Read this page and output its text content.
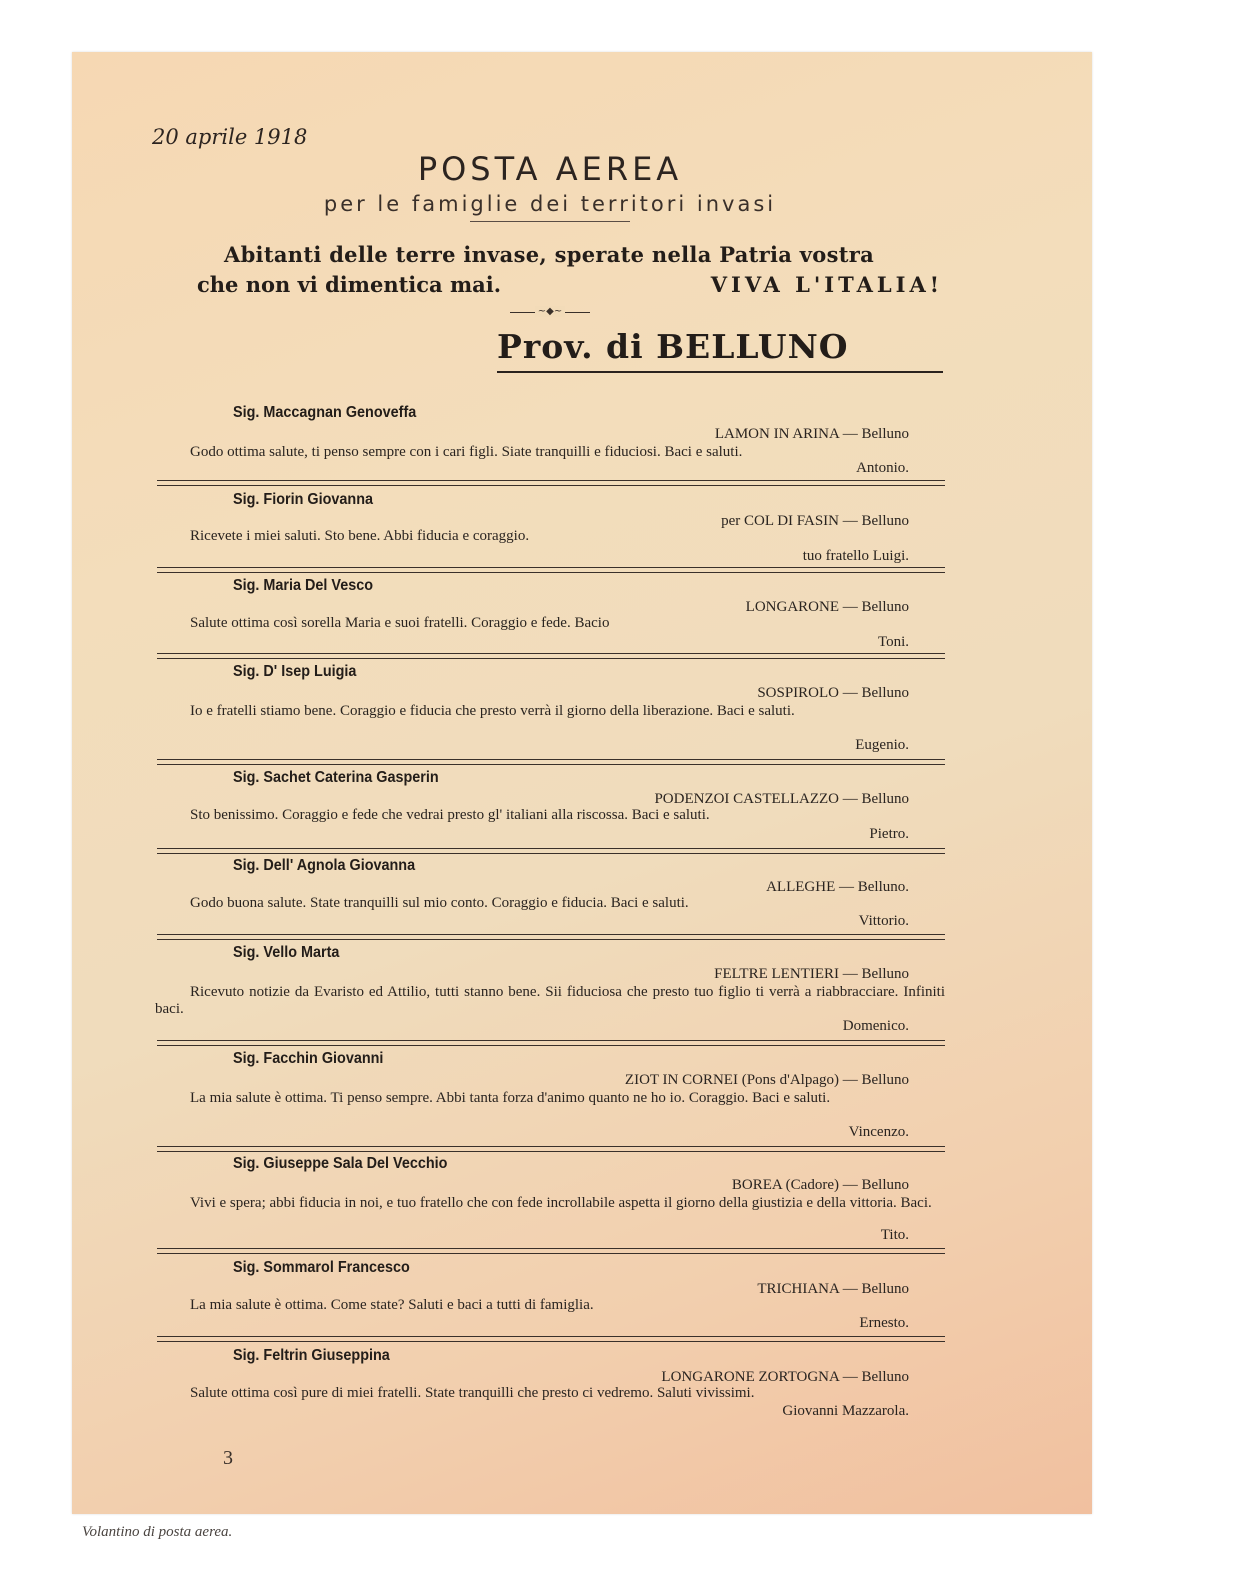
20 aprile 1918
POSTA AEREA
per le famiglie dei territori invasi
Abitanti delle terre invase, sperate nella Patria vostra
che non vi dimentica mai.	VIVA L'ITALIA!
~◆~
Prov. di BELLUNO
Sig. Maccagnan Genoveffa
LAMON IN ARINA — Belluno
Godo ottima salute, ti penso sempre con i cari figli. Siate tranquilli e fiduciosi. Baci e saluti.
Antonio.
Sig. Fiorin Giovanna
per COL DI FASIN — Belluno
Ricevete i miei saluti. Sto bene. Abbi fiducia e coraggio.
tuo fratello Luigi.
Sig. Maria Del Vesco
LONGARONE — Belluno
Salute ottima così sorella Maria e suoi fratelli. Coraggio e fede. Bacio
Toni.
Sig. D' Isep Luigia
SOSPIROLO — Belluno
Io e fratelli stiamo bene. Coraggio e fiducia che presto verrà il giorno della liberazione. Baci e saluti.
Eugenio.
Sig. Sachet Caterina Gasperin
PODENZOI CASTELLAZZO — Belluno
Sto benissimo. Coraggio e fede che vedrai presto gl' italiani alla riscossa. Baci e saluti.
Pietro.
Sig. Dell' Agnola Giovanna
ALLEGHE — Belluno.
Godo buona salute. State tranquilli sul mio conto. Coraggio e fiducia. Baci e saluti.
Vittorio.
Sig. Vello Marta
FELTRE LENTIERI — Belluno
Ricevuto notizie da Evaristo ed Attilio, tutti stanno bene. Sii fiduciosa che presto tuo figlio ti verrà a riabbracciare. Infiniti baci.
Domenico.
Sig. Facchin Giovanni
ZIOT IN CORNEI (Pons d'Alpago) — Belluno
La mia salute è ottima. Ti penso sempre. Abbi tanta forza d'animo quanto ne ho io. Coraggio. Baci e saluti.
Vincenzo.
Sig. Giuseppe Sala Del Vecchio
BOREA (Cadore) — Belluno
Vivi e spera; abbi fiducia in noi, e tuo fratello che con fede incrollabile aspetta il giorno della giustizia e della vittoria. Baci.
Tito.
Sig. Sommarol Francesco
TRICHIANA — Belluno
La mia salute è ottima. Come state? Saluti e baci a tutti di famiglia.
Ernesto.
Sig. Feltrin Giuseppina
LONGARONE ZORTOGNA — Belluno
Salute ottima così pure di miei fratelli. State tranquilli che presto ci vedremo. Saluti vivissimi.
Giovanni Mazzarola.
3
Volantino di posta aerea.
